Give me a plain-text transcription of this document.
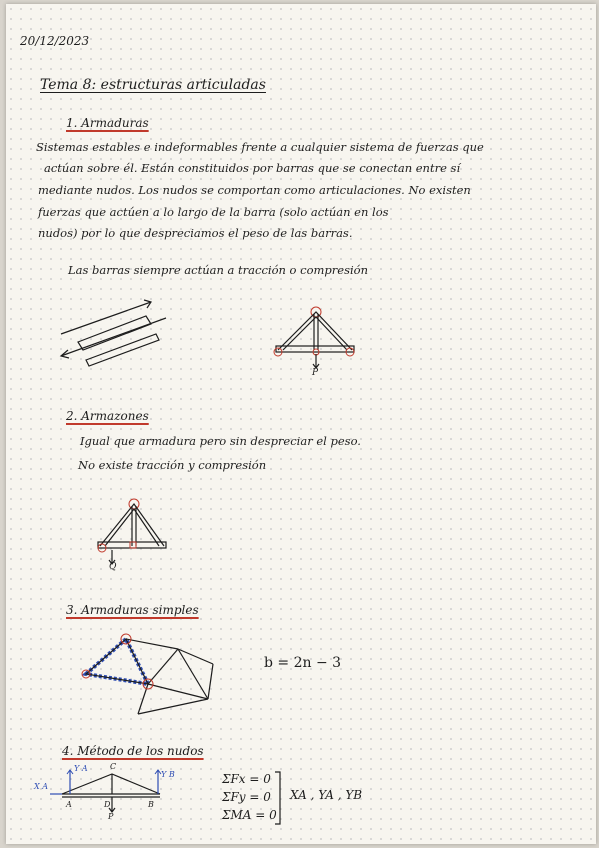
20/12/2023
Tema 8: estructuras articuladas
1. Armaduras
Sistemas estables e indeformables frente a cualquier sistema de fuerzas que
actúan sobre él. Están constituidos por barras que se conectan entre sí
mediante nudos. Los nudos se comportan como articulaciones. No existen
fuerzas que actúen a lo largo de la barra (solo actúan en los
nudos) por lo que despreciamos el peso de las barras.
Las barras siempre actúan a tracción o compresión
P
2. Armazones
Igual que armadura pero sin despreciar el peso.
No existe tracción y compresión
Q
3. Armaduras simples
b = 2n − 3
4. Método de los nudos
Y A
X A
A
C
Y B
B
D
P
ΣFx = 0
ΣFy = 0
ΣMA = 0
XA , YA , YB
